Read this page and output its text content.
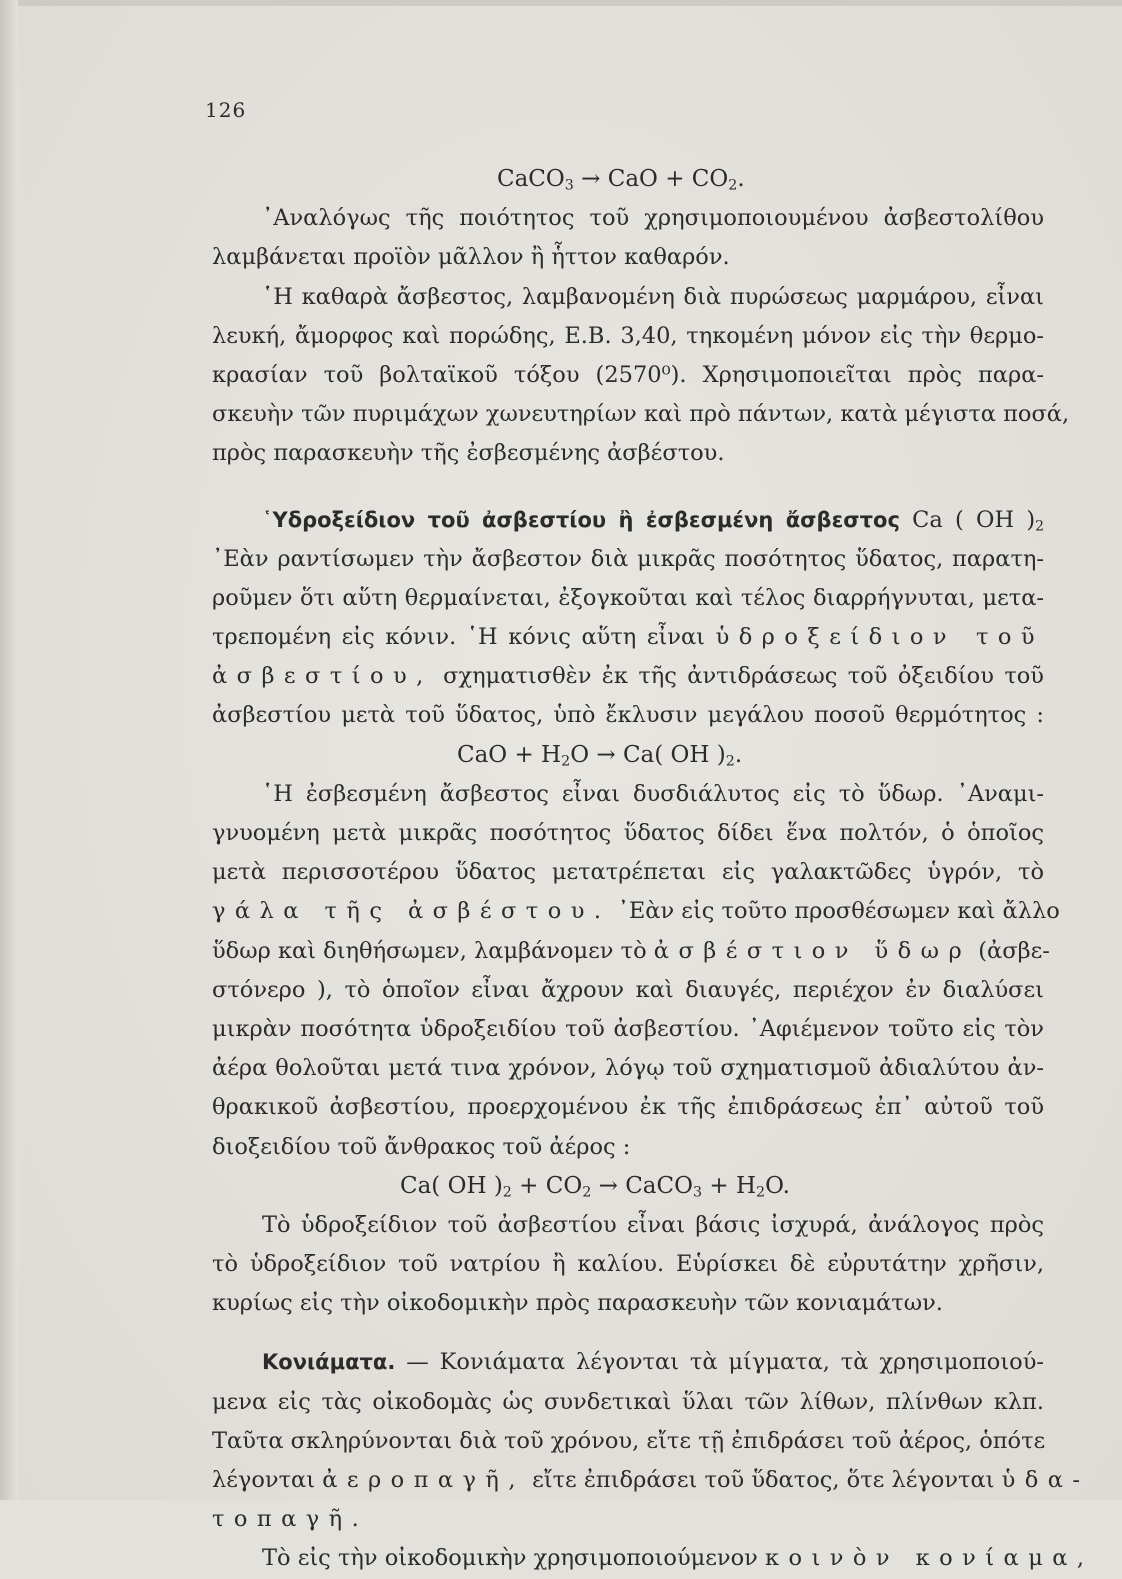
126
CaCO$_3$ → CaO + $CO_2$.
᾿Αναλόγως τῆς ποιότητος τοῦ χρησιμοποιουμένου ἀσβεστολίθου
λαμβάνεται προϊὸν μᾶλλον ἢ ἧττον καθαρόν.
῾Η καθαρὰ ἄσβεστος, λαμβανομένη διὰ πυρώσεως μαρμάρου, εἶναι
λευκή, ἄμορφος καὶ πορώδης, Ε.Β. 3,40, τηκομένη μόνον εἰς τὴν θερμο-
κρασίαν τοῦ βολταϊκοῦ τόξου (2570⁰). Χρησιμοποιεῖται πρὸς παρα-
σκευὴν τῶν πυριμάχων χωνευτηρίων καὶ πρὸ πάντων, κατὰ μέγιστα ποσά,
πρὸς παρασκευὴν τῆς ἐσβεσμένης ἀσβέστου.
῾Υδροξείδιον τοῦ ἀσβεστίου ἢ ἐσβεσμένη ἄσβεστος Ca ( OH )$_2$
᾿Εὰν ραντίσωμεν τὴν ἄσβεστον διὰ μικρᾶς ποσότητος ὕδατος, παρατη-
ροῦμεν ὅτι αὕτη θερμαίνεται, ἐξογκοῦται καὶ τέλος διαρρήγνυται, μετα-
τρεπομένη εἰς κόνιν. ῾Η κόνις αὕτη εἶναι ὑδροξείδιον τοῦ
ἀσβεστίου, σχηματισθὲν ἐκ τῆς ἀντιδράσεως τοῦ ὀξειδίου τοῦ
ἀσβεστίου μετὰ τοῦ ὕδατος, ὑπὸ ἔκλυσιν μεγάλου ποσοῦ θερμότητος :
CaO + $H_2O \to Ca$( OH )$_2$.
῾Η ἐσβεσμένη ἄσβεστος εἶναι δυσδιάλυτος εἰς τὸ ὕδωρ. ᾿Αναμι-
γνυομένη μετὰ μικρᾶς ποσότητος ὕδατος δίδει ἕνα πολτόν, ὁ ὁποῖος
μετὰ περισσοτέρου ὕδατος μετατρέπεται εἰς γαλακτῶδες ὑγρόν, τὸ
γάλα τῆς ἀσβέστου. ᾿Εὰν εἰς τοῦτο προσθέσωμεν καὶ ἄλλο
ὕδωρ καὶ διηθήσωμεν, λαμβάνομεν τὸ ἀσβέστιον ὕδωρ (ἀσβε-
στόνερο ), τὸ ὁποῖον εἶναι ἄχρουν καὶ διαυγές, περιέχον ἐν διαλύσει
μικρὰν ποσότητα ὑδροξειδίου τοῦ ἀσβεστίου. ᾿Αφιέμενον τοῦτο εἰς τὸν
ἀέρα θολοῦται μετά τινα χρόνον, λόγῳ τοῦ σχηματισμοῦ ἀδιαλύτου ἀν-
θρακικοῦ ἀσβεστίου, προερχομένου ἐκ τῆς ἐπιδράσεως ἐπ᾿ αὐτοῦ τοῦ
διοξειδίου τοῦ ἄνθρακος τοῦ ἀέρος :
Ca( OH )$_2 + CO_2$ → CaCO$_3$ + $H_2O$.
Τὸ ὑδροξείδιον τοῦ ἀσβεστίου εἶναι βάσις ἰσχυρά, ἀνάλογος πρὸς
τὸ ὑδροξείδιον τοῦ νατρίου ἢ καλίου. Εὑρίσκει δὲ εὐρυτάτην χρῆσιν,
κυρίως εἰς τὴν οἰκοδομικὴν πρὸς παρασκευὴν τῶν κονιαμάτων.
Κονιάματα. — Κονιάματα λέγονται τὰ μίγματα, τὰ χρησιμοποιού-
μενα εἰς τὰς οἰκοδομὰς ὡς συνδετικαὶ ὕλαι τῶν λίθων, πλίνθων κλπ.
Ταῦτα σκληρύνονται διὰ τοῦ χρόνου, εἴτε τῇ ἐπιδράσει τοῦ ἀέρος, ὁπότε
λέγονται ἀεροπαγῆ, εἴτε ἐπιδράσει τοῦ ὕδατος, ὅτε λέγονται ὑδα-
τοπαγῆ.
Τὸ εἰς τὴν οἰκοδομικὴν χρησιμοποιούμενον κοινὸν κονίαμα,
